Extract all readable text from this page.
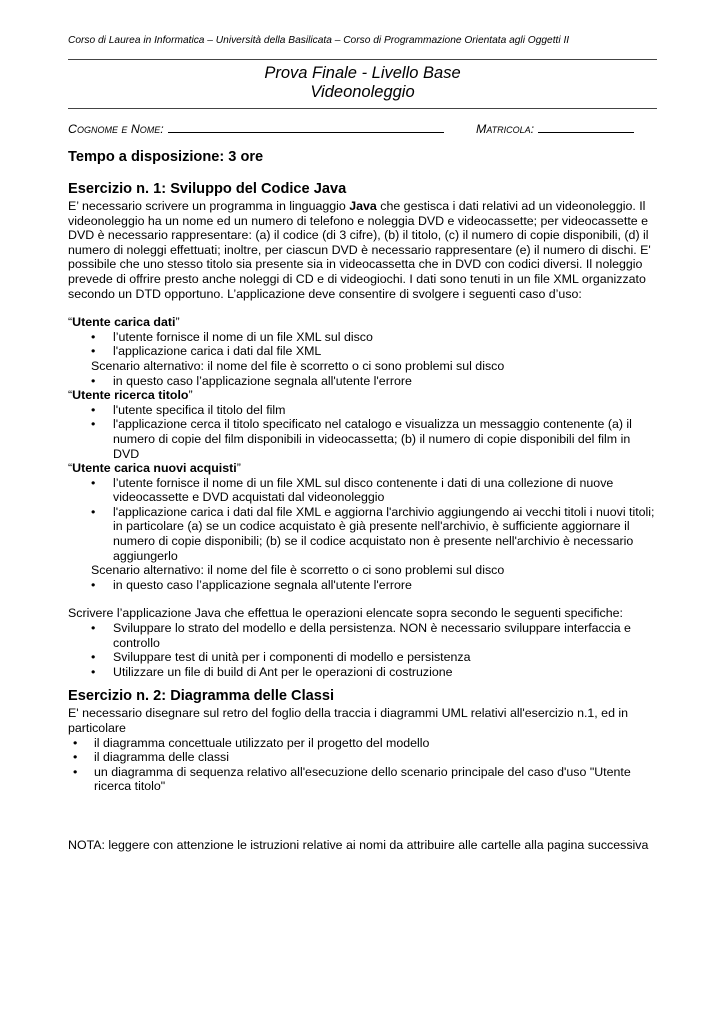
Corso di Laurea in Informatica – Università della Basilicata – Corso di Programmazione Orientata agli Oggetti II
Prova Finale - Livello Base
Videonoleggio
Cognome e Nome:	Matricola:
Tempo a disposizione: 3 ore
Esercizio n. 1: Sviluppo del Codice Java

E’ necessario scrivere un programma in linguaggio Java che gestisca i dati relativi ad un videonoleggio. Il videonoleggio ha un nome ed un numero di telefono e noleggia DVD e videocassette; per videocassette e DVD è necessario rappresentare: (a) il codice (di 3 cifre), (b) il titolo, (c) il numero di copie disponibili, (d) il numero di noleggi effettuati; inoltre, per ciascun DVD è necessario rappresentare (e) il numero di dischi. E' possibile che uno stesso titolo sia presente sia in videocassetta che in DVD con codici diversi. Il noleggio prevede di offrire presto anche noleggi di CD e di videogiochi. I dati sono tenuti in un file XML organizzato secondo un DTD opportuno. L’applicazione deve consentire di svolgere i seguenti caso d’uso:

“Utente carica dati”
• l’utente fornisce il nome di un file XML sul disco
• l'applicazione carica i dati dal file XML
Scenario alternativo: il nome del file è scorretto o ci sono problemi sul disco
• in questo caso l’applicazione segnala all'utente l'errore
“Utente ricerca titolo”
• l'utente specifica il titolo del film
• l'applicazione cerca il titolo specificato nel catalogo e visualizza un messaggio contenente (a) il numero di copie del film disponibili in videocassetta; (b) il numero di copie disponibili del film in DVD
“Utente carica nuovi acquisti”
• l’utente fornisce il nome di un file XML sul disco contenente i dati di una collezione di nuove videocassette e DVD acquistati dal videonoleggio
• l'applicazione carica i dati dal file XML e aggiorna l'archivio aggiungendo ai vecchi titoli i nuovi titoli; in particolare (a) se un codice acquistato è già presente nell'archivio, è sufficiente aggiornare il numero di copie disponibili; (b) se il codice acquistato non è presente nell'archivio è necessario aggiungerlo
Scenario alternativo: il nome del file è scorretto o ci sono problemi sul disco
• in questo caso l’applicazione segnala all'utente l'errore

Scrivere l’applicazione Java che effettua le operazioni elencate sopra secondo le seguenti specifiche:

• Sviluppare lo strato del modello e della persistenza. NON è necessario sviluppare interfaccia e controllo
• Sviluppare test di unità per i componenti di modello e persistenza
• Utilizzare un file di build di Ant per le operazioni di costruzione
Esercizio n. 2: Diagramma delle Classi

E' necessario disegnare sul retro del foglio della traccia i diagrammi UML relativi all'esercizio n.1, ed in particolare

• il diagramma concettuale utilizzato per il progetto del modello
• il diagramma delle classi
• un diagramma di sequenza relativo all'esecuzione dello scenario principale del caso d'uso "Utente ricerca titolo"

NOTA: leggere con attenzione le istruzioni relative ai nomi da attribuire alle cartelle alla pagina successiva
